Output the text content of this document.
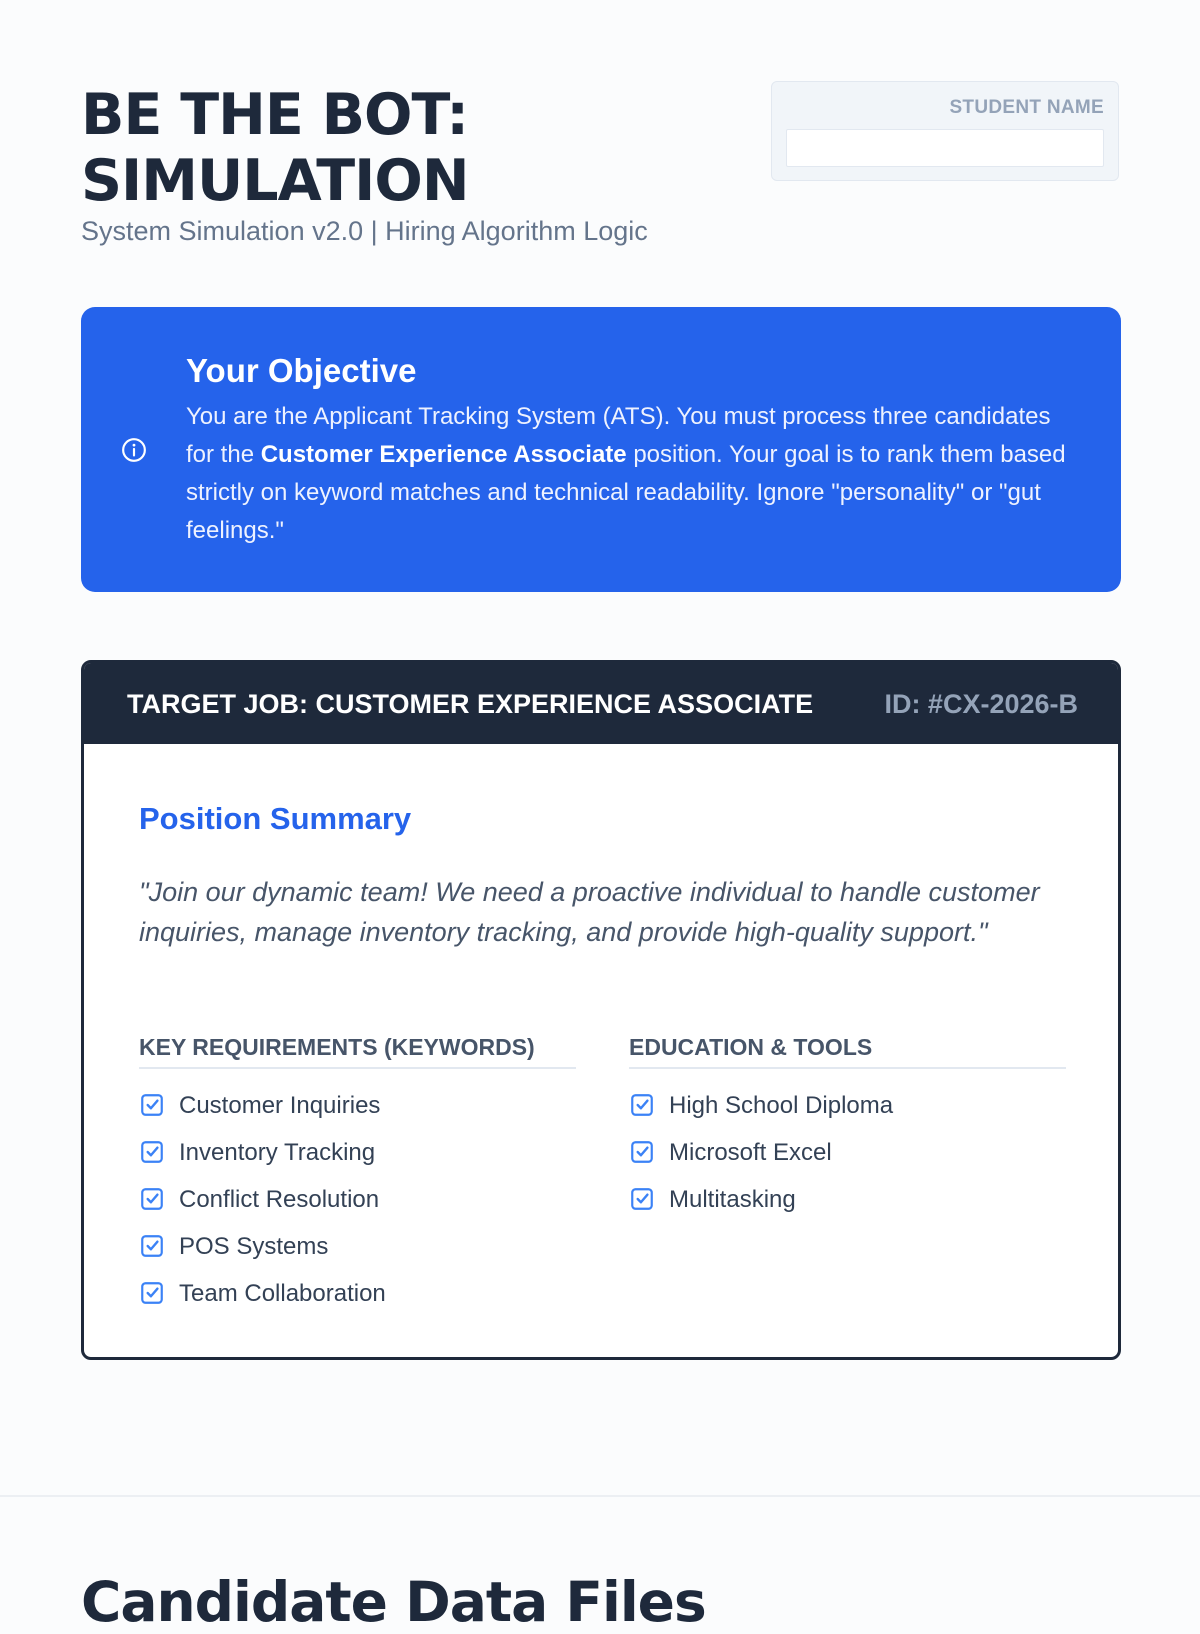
BE THE BOT: SIMULATION
System Simulation v2.0 | Hiring Algorithm Logic
STUDENT NAME
Your Objective

You are the Applicant Tracking System (ATS). You must process three candidates for the Customer Experience Associate position. Your goal is to rank them based strictly on keyword matches and technical readability. Ignore "personality" or "gut feelings."

TARGET JOB: CUSTOMER EXPERIENCE ASSOCIATE	ID: #CX-2026-B
Position Summary

"Join our dynamic team! We need a proactive individual to handle customer inquiries, manage inventory tracking, and provide high-quality support."

KEY REQUIREMENTS (KEYWORDS)
Customer Inquiries
Inventory Tracking
Conflict Resolution
POS Systems
Team Collaboration
EDUCATION & TOOLS
High School Diploma
Microsoft Excel
Multitasking
Candidate Data Files
